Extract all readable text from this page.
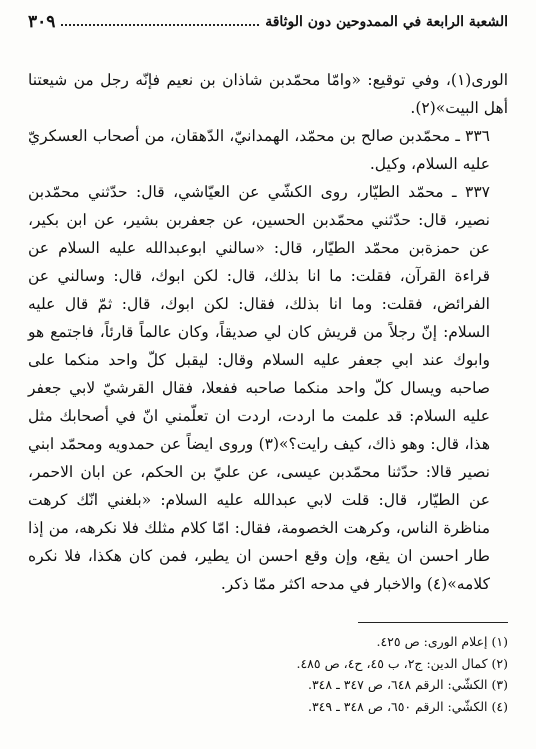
الشعبة الرابعة في الممدوحين دون الوثاقة
٣٠٩

الورى(١)، وفي توقيع: «وامّا محمّدبن شاذان بن نعيم فإنّه رجل من شيعتنا أهل البيت»(٢).

٣٣٦ ـ محمّدبن صالح بن محمّد، الهمدانيّ، الدّهقان، من أصحاب العسكريّ عليه السلام، وكيل.

٣٣٧ ـ محمّد الطيّار، روى الكشّي عن العيّاشي، قال: حدّثني محمّدبن نصير، قال: حدّثني محمّدبن الحسين، عن جعفربن بشير، عن ابن بكير، عن حمزةبن محمّد الطيّار، قال: «سالني ابوعبدالله عليه السلام عن قراءة القرآن، فقلت: ما انا بذلك، قال: لكن ابوك، قال: وسالني عن الفرائض، فقلت: وما انا بذلك، فقال: لكن ابوك، قال: ثمّ قال عليه السلام: إنّ رجلاً من قريش كان لي صديقاً، وكان عالماً قارئاً، فاجتمع هو وابوك عند ابي جعفر عليه السلام وقال: ليقبل كلّ واحد منكما على صاحبه ويسال كلّ واحد منكما صاحبه ففعلا، فقال القرشيّ لابي جعفر عليه السلام: قد علمت ما اردت، اردت ان تعلّمني انّ في أصحابك مثل هذا، قال: وهو ذاك، كيف رايت؟»(٣) وروى ايضاً عن حمدويه ومحمّد ابني نصير قالا: حدّثنا محمّدبن عيسى، عن عليّ بن الحكم، عن ابان الاحمر، عن الطيّار، قال: قلت لابي عبدالله عليه السلام: «بلغني انّك كرهت مناظرة الناس، وكرهت الخصومة، فقال: امّا كلام مثلك فلا نكرهه، من إذا طار احسن ان يقع، وإن وقع احسن ان يطير، فمن كان هكذا، فلا نكره كلامه»(٤) والاخبار في مدحه اكثر ممّا ذكر.

(١) إعلام الورى: ص ٤٢٥.

(٢) كمال الدين: ج٢، ب ٤٥، ح٤، ص ٤٨٥.

(٣) الكشّي: الرقم ٦٤٨، ص ٣٤٧ ـ ٣٤٨.

(٤) الكشّي: الرقم ٦٥٠، ص ٣٤٨ ـ ٣٤٩.
